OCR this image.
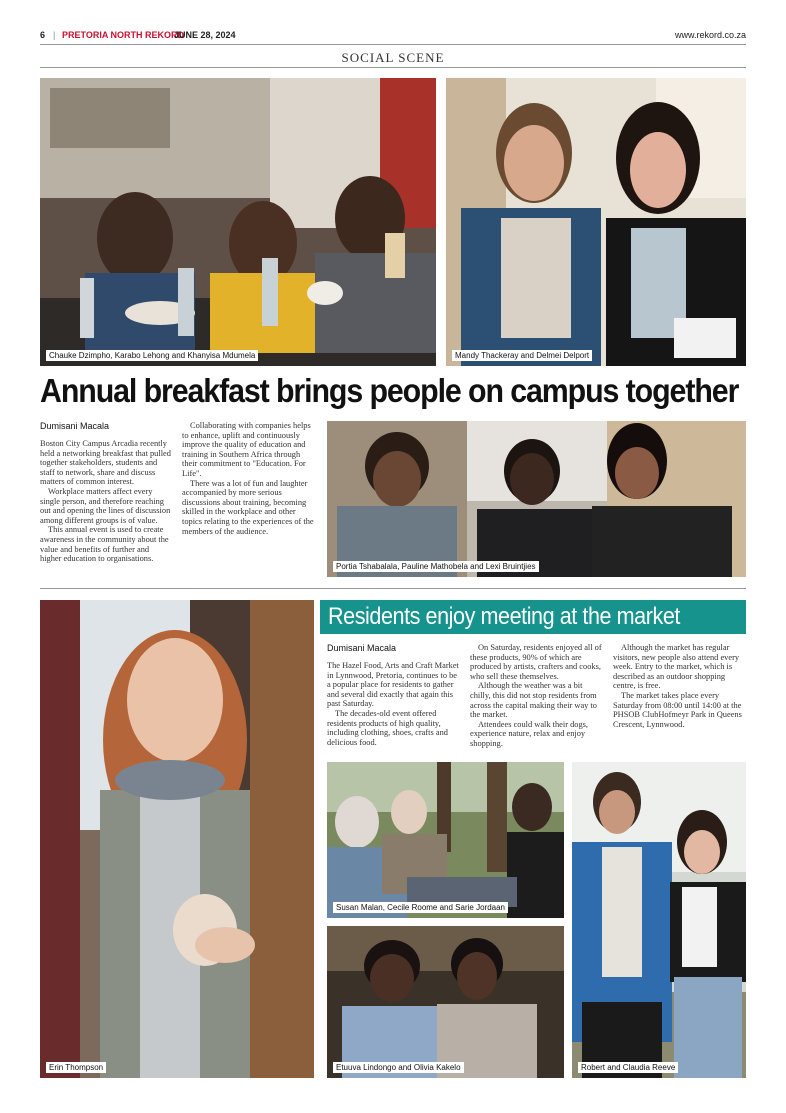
6 | PRETORIA NORTH REKORD
JUNE 28, 2024	www.rekord.co.za
SOCIAL SCENE
Chauke Dzimpho, Karabo Lehong and Khanyisa Mdumela	Mandy Thackeray and Delmei Delport
Annual breakfast brings people on campus together
Dumisani Macala

Boston City Campus Arcadia recently held a networking breakfast that pulled together stakeholders, students and staff to network, share and discuss matters of common interest.

Workplace matters affect every single person, and therefore reaching out and opening the lines of discussion among different groups is of value.

This annual event is used to create awareness in the community about the value and benefits of further and higher education to organisations.

Collaborating with companies helps to enhance, uplift and continuously improve the quality of education and training in Southern Africa through their commitment to "Education. For Life".

There was a lot of fun and laughter accompanied by more serious discussions about training, becoming skilled in the workplace and other topics relating to the experiences of the members of the audience.

Portia Tshabalala, Pauline Mathobela and Lexi Bruintjies
Erin Thompson
Residents enjoy meeting at the market
Dumisani Macala

The Hazel Food, Arts and Craft Market in Lynnwood, Pretoria, continues to be a popular place for residents to gather and several did exactly that again this past Saturday.

The decades-old event offered residents products of high quality, including clothing, shoes, crafts and delicious food.

On Saturday, residents enjoyed all of these products, 90% of which are produced by artists, crafters and cooks, who sell these themselves.

Although the weather was a bit chilly, this did not stop residents from across the capital making their way to the market.

Attendees could walk their dogs, experience nature, relax and enjoy shopping.

Although the market has regular visitors, new people also attend every week. Entry to the market, which is described as an outdoor shopping centre, is free.

The market takes place every Saturday from 08:00 until 14:00 at the PHSOB ClubHofmeyr Park in Queens Crescent, Lynnwood.

Susan Malan, Cecile Roome and Sarie Jordaan
Etuuva Lindongo and Olivia Kakelo	Robert and Claudia Reeve
